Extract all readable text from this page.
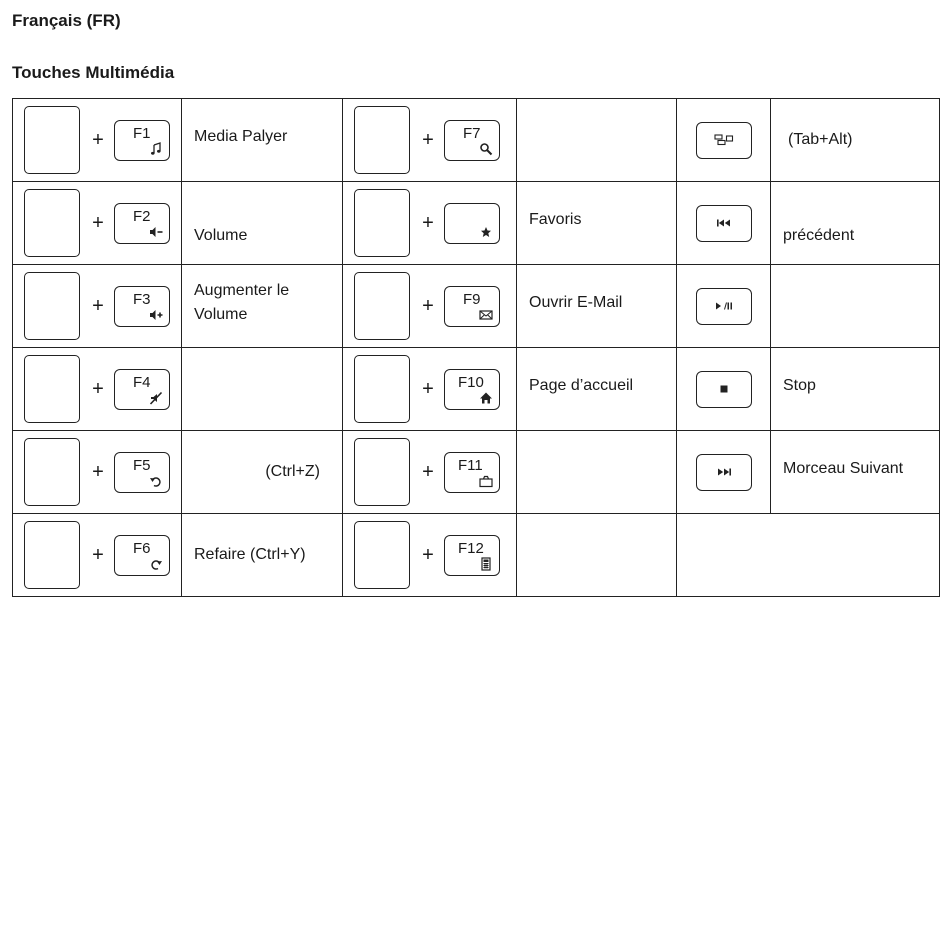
Français (FR)
Touches Multimédia
+ F1	Media Palyer	+ F7			(Tab+Alt)

+ F2	Volume	+	Favoris		précédent

+ F3	Augmenter le Volume	+ F9	Ouvrir E-Mail

+ F4		+ F10	Page d’accueil		Stop

+ F5	(Ctrl+Z)	+ F11			Morceau Suivant

+ F6	Refaire (Ctrl+Y)	+ F12			
